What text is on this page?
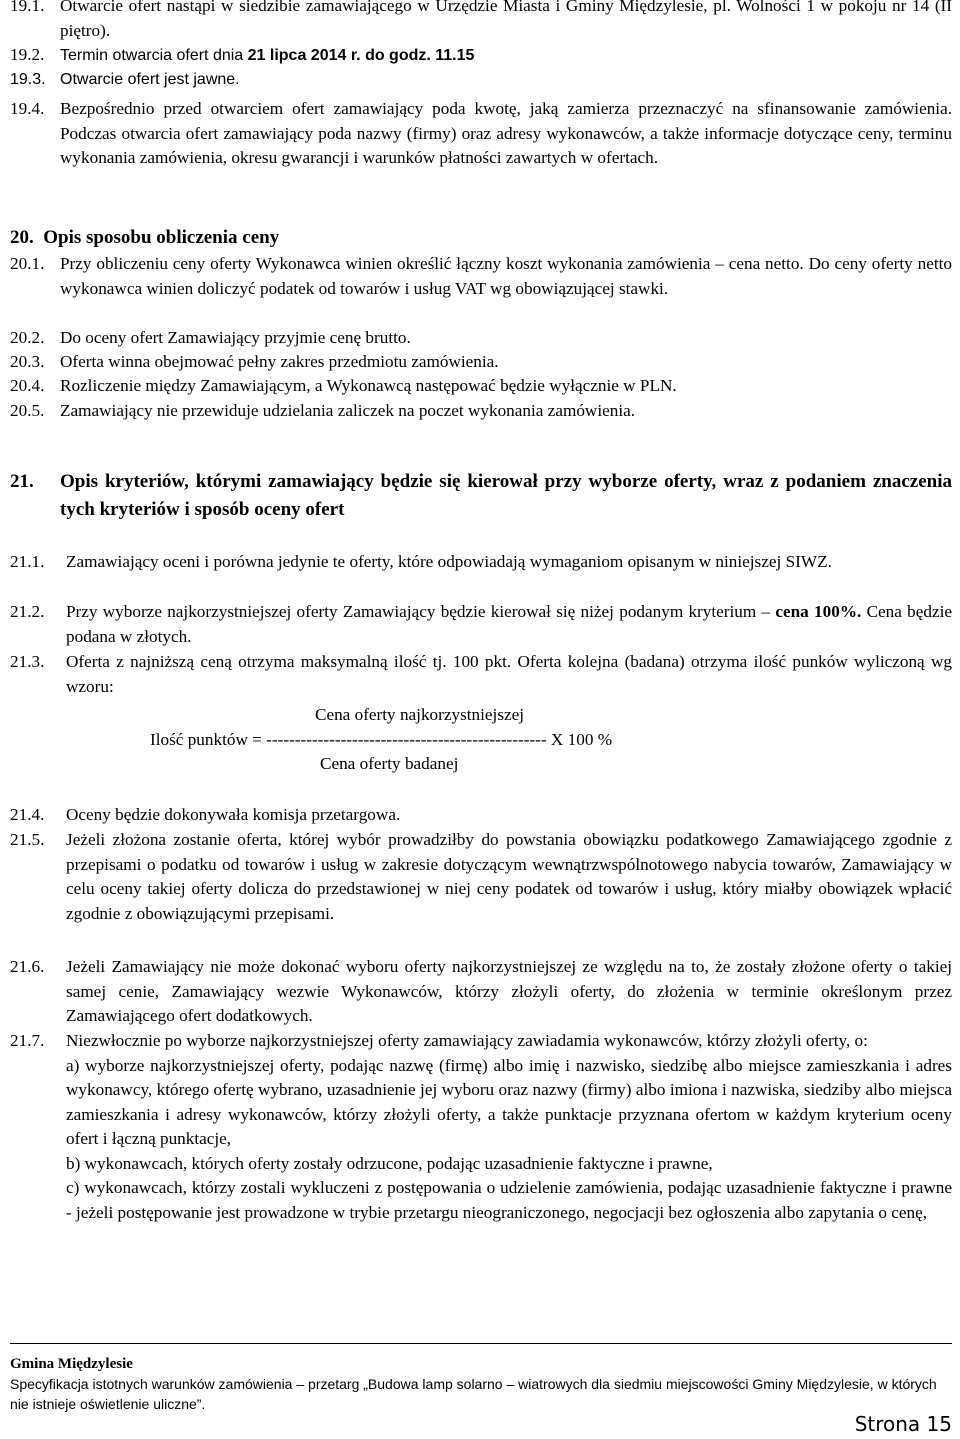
19.1. Otwarcie ofert nastąpi w siedzibie zamawiającego w Urzędzie Miasta i Gminy Międzylesie, pl. Wolności 1 w pokoju nr 14 (II piętro).
19.2. Termin otwarcia ofert dnia 21 lipca 2014 r. do godz. 11.15
19.3. Otwarcie ofert jest jawne.
19.4. Bezpośrednio przed otwarciem ofert zamawiający poda kwotę, jaką zamierza przeznaczyć na sfinansowanie zamówienia. Podczas otwarcia ofert zamawiający poda nazwy (firmy) oraz adresy wykonawców, a także informacje dotyczące ceny, terminu wykonania zamówienia, okresu gwarancji i warunków płatności zawartych w ofertach.
20. Opis sposobu obliczenia ceny
20.1. Przy obliczeniu ceny oferty Wykonawca winien określić łączny koszt wykonania zamówienia – cena netto. Do ceny oferty netto wykonawca winien doliczyć podatek od towarów i usług VAT wg obowiązującej stawki.
20.2. Do oceny ofert Zamawiający przyjmie cenę brutto.
20.3. Oferta winna obejmować pełny zakres przedmiotu zamówienia.
20.4. Rozliczenie między Zamawiającym, a Wykonawcą następować będzie wyłącznie w PLN.
20.5. Zamawiający nie przewiduje udzielania zaliczek na poczet wykonania zamówienia.
21.	Opis kryteriów, którymi zamawiający będzie się kierował przy wyborze oferty, wraz z podaniem znaczenia tych kryteriów i sposób oceny ofert
21.1.	Zamawiający oceni i porówna jedynie te oferty, które odpowiadają wymaganiom opisanym w niniejszej SIWZ.
21.2.	Przy wyborze najkorzystniejszej oferty Zamawiający będzie kierował się niżej podanym kryterium – cena 100%. Cena będzie podana w złotych.
21.3.	Oferta z najniższą ceną otrzyma maksymalną ilość tj. 100 pkt. Oferta kolejna (badana) otrzyma ilość punków wyliczoną wg wzoru:
Cena oferty najkorzystniejszej
Ilość punktów = ------------------------------------------------- X 100 %
Cena oferty badanej
21.4.	Oceny będzie dokonywała komisja przetargowa.
21.5.	Jeżeli złożona zostanie oferta, której wybór prowadziłby do powstania obowiązku podatkowego Zamawiającego zgodnie z przepisami o podatku od towarów i usług w zakresie dotyczącym wewnątrzwspólnotowego nabycia towarów, Zamawiający w celu oceny takiej oferty dolicza do przedstawionej w niej ceny podatek od towarów i usług, który miałby obowiązek wpłacić zgodnie z obowiązującymi przepisami.
21.6.	Jeżeli Zamawiający nie może dokonać wyboru oferty najkorzystniejszej ze względu na to, że zostały złożone oferty o takiej samej cenie, Zamawiający wezwie Wykonawców, którzy złożyli oferty, do złożenia w terminie określonym przez Zamawiającego ofert dodatkowych.
21.7.	Niezwłocznie po wyborze najkorzystniejszej oferty zamawiający zawiadamia wykonawców, którzy złożyli oferty, o:
a) wyborze najkorzystniejszej oferty, podając nazwę (firmę) albo imię i nazwisko, siedzibę albo miejsce zamieszkania i adres wykonawcy, którego ofertę wybrano, uzasadnienie jej wyboru oraz nazwy (firmy) albo imiona i nazwiska, siedziby albo miejsca zamieszkania i adresy wykonawców, którzy złożyli oferty, a także punktacje przyznana ofertom w każdym kryterium oceny ofert i łączną punktacje,
b) wykonawcach, których oferty zostały odrzucone, podając uzasadnienie faktyczne i prawne,
c) wykonawcach, którzy zostali wykluczeni z postępowania o udzielenie zamówienia, podając uzasadnienie faktyczne i prawne - jeżeli postępowanie jest prowadzone w trybie przetargu nieograniczonego, negocjacji bez ogłoszenia albo zapytania o cenę,
Gmina Międzylesie
Specyfikacja istotnych warunków zamówienia – przetarg „Budowa lamp solarno – wiatrowych dla siedmiu miejscowości Gminy Międzylesie, w których nie istnieje oświetlenie uliczne”.
Strona 15
